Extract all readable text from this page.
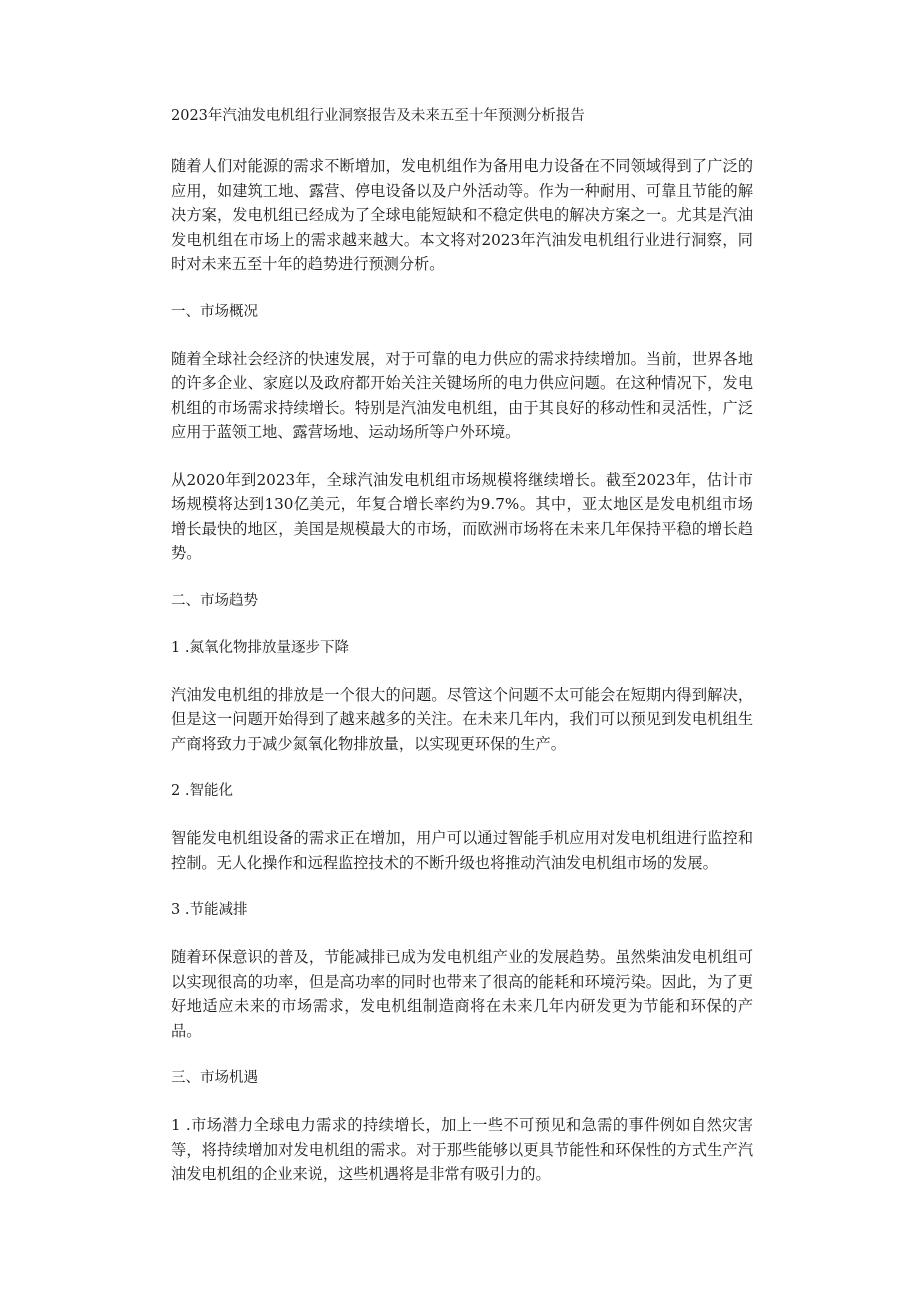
2023年汽油发电机组行业洞察报告及未来五至十年预测分析报告

随着人们对能源的需求不断增加，发电机组作为备用电力设备在不同领域得到了广泛的应用，如建筑工地、露营、停电设备以及户外活动等。作为一种耐用、可靠且节能的解决方案，发电机组已经成为了全球电能短缺和不稳定供电的解决方案之一。尤其是汽油发电机组在市场上的需求越来越大。本文将对2023年汽油发电机组行业进行洞察，同时对未来五至十年的趋势进行预测分析。

一、市场概况

随着全球社会经济的快速发展，对于可靠的电力供应的需求持续增加。当前，世界各地的许多企业、家庭以及政府都开始关注关键场所的电力供应问题。在这种情况下，发电机组的市场需求持续增长。特别是汽油发电机组，由于其良好的移动性和灵活性，广泛应用于蓝领工地、露营场地、运动场所等户外环境。

从2020年到2023年，全球汽油发电机组市场规模将继续增长。截至2023年，估计市场规模将达到130亿美元，年复合增长率约为9.7%。其中，亚太地区是发电机组市场增长最快的地区，美国是规模最大的市场，而欧洲市场将在未来几年保持平稳的增长趋势。

二、市场趋势

1 .氮氧化物排放量逐步下降

汽油发电机组的排放是一个很大的问题。尽管这个问题不太可能会在短期内得到解决，但是这一问题开始得到了越来越多的关注。在未来几年内，我们可以预见到发电机组生产商将致力于减少氮氧化物排放量，以实现更环保的生产。

2 .智能化

智能发电机组设备的需求正在增加，用户可以通过智能手机应用对发电机组进行监控和控制。无人化操作和远程监控技术的不断升级也将推动汽油发电机组市场的发展。

3 .节能减排

随着环保意识的普及，节能减排已成为发电机组产业的发展趋势。虽然柴油发电机组可以实现很高的功率，但是高功率的同时也带来了很高的能耗和环境污染。因此，为了更好地适应未来的市场需求，发电机组制造商将在未来几年内研发更为节能和环保的产品。

三、市场机遇

1 .市场潜力全球电力需求的持续增长，加上一些不可预见和急需的事件例如自然灾害等，将持续增加对发电机组的需求。对于那些能够以更具节能性和环保性的方式生产汽油发电机组的企业来说，这些机遇将是非常有吸引力的。
